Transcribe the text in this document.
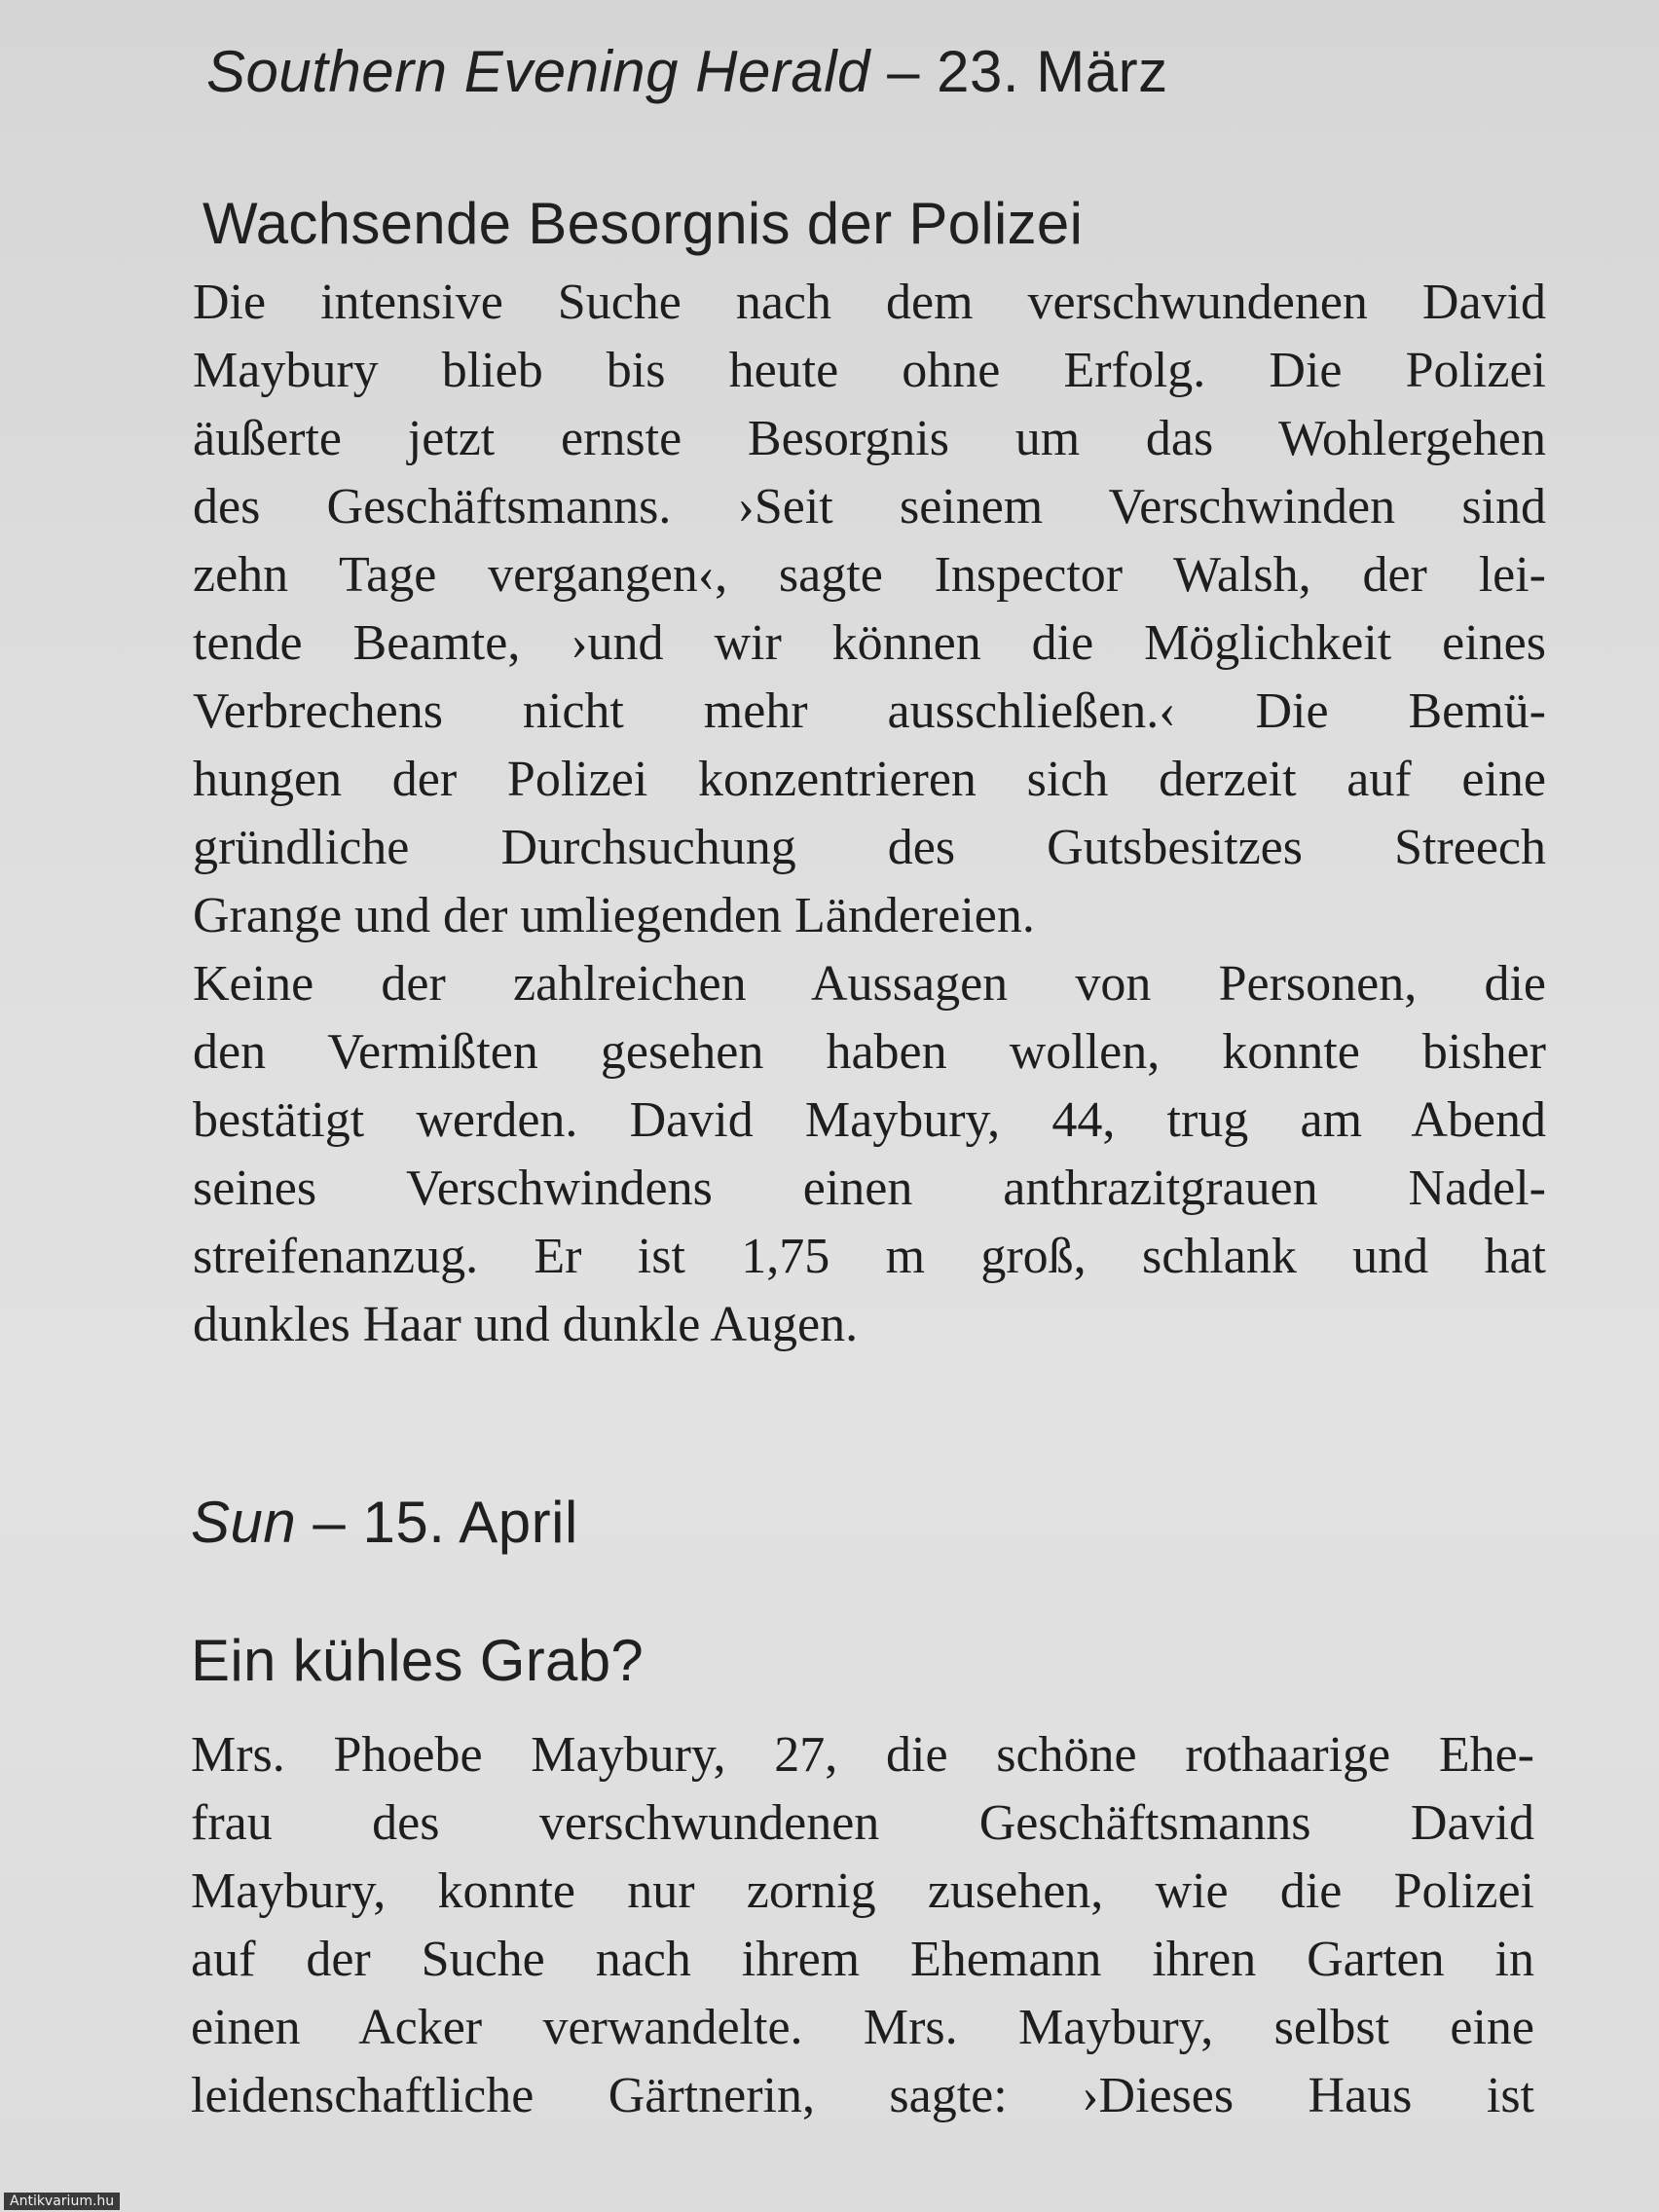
Southern Evening Herald – 23. März
Wachsende Besorgnis der Polizei
Die intensive Suche nach dem verschwundenen David
Maybury blieb bis heute ohne Erfolg. Die Polizei
äußerte jetzt ernste Besorgnis um das Wohlergehen
des Geschäftsmanns. ›Seit seinem Verschwinden sind
zehn Tage vergangen‹, sagte Inspector Walsh, der lei-
tende Beamte, ›und wir können die Möglichkeit eines
Verbrechens nicht mehr ausschließen.‹ Die Bemü-
hungen der Polizei konzentrieren sich derzeit auf eine
gründliche Durchsuchung des Gutsbesitzes Streech
Grange und der umliegenden Ländereien.
Keine der zahlreichen Aussagen von Personen, die
den Vermißten gesehen haben wollen, konnte bisher
bestätigt werden. David Maybury, 44, trug am Abend
seines Verschwindens einen anthrazitgrauen Nadel-
streifenanzug. Er ist 1,75 m groß, schlank und hat
dunkles Haar und dunkle Augen.
Sun – 15. April
Ein kühles Grab?
Mrs. Phoebe Maybury, 27, die schöne rothaarige Ehe-
frau des verschwundenen Geschäftsmanns David
Maybury, konnte nur zornig zusehen, wie die Polizei
auf der Suche nach ihrem Ehemann ihren Garten in
einen Acker verwandelte. Mrs. Maybury, selbst eine
leidenschaftliche Gärtnerin, sagte: ›Dieses Haus ist
Antikvarium.hu
